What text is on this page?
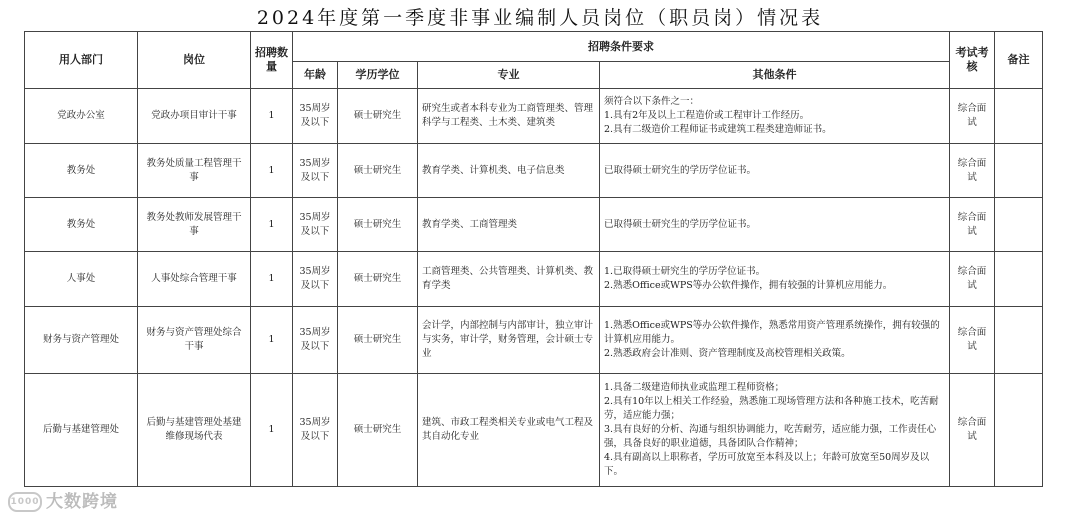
2024年度第一季度非事业编制人员岗位（职员岗）情况表
用人部门	岗位	招聘数量	招聘条件要求				考试考核	备注
			年龄	学历学位	专业	其他条件		
党政办公室	党政办项目审计干事	1	35周岁及以下	硕士研究生	研究生或者本科专业为工商管理类、管理科学与工程类、土木类、建筑类	须符合以下条件之一：
1.具有2年及以上工程造价或工程审计工作经历。
2.具有二级造价工程师证书或建筑工程类建造师证书。	综合面试	
教务处	教务处质量工程管理干事	1	35周岁及以下	硕士研究生	教育学类、计算机类、电子信息类	已取得硕士研究生的学历学位证书。	综合面试	
教务处	教务处教师发展管理干事	1	35周岁及以下	硕士研究生	教育学类、工商管理类	已取得硕士研究生的学历学位证书。	综合面试	
人事处	人事处综合管理干事	1	35周岁及以下	硕士研究生	工商管理类、公共管理类、计算机类、教育学类	1.已取得硕士研究生的学历学位证书。
2.熟悉Office或WPS等办公软件操作，拥有较强的计算机应用能力。	综合面试	
财务与资产管理处	财务与资产管理处综合干事	1	35周岁及以下	硕士研究生	会计学，内部控制与内部审计，独立审计与实务，审计学，财务管理，会计硕士专业	1.熟悉Office或WPS等办公软件操作，熟悉常用资产管理系统操作，拥有较强的计算机应用能力。
2.熟悉政府会计准则、资产管理制度及高校管理相关政策。	综合面试	
后勤与基建管理处	后勤与基建管理处基建维修现场代表	1	35周岁及以下	硕士研究生	建筑、市政工程类相关专业或电气工程及其自动化专业	1.具备二级建造师执业或监理工程师资格；
2.具有10年以上相关工作经验，熟悉施工现场管理方法和各种施工技术，吃苦耐劳，适应能力强；
3.具有良好的分析、沟通与组织协调能力，吃苦耐劳，适应能力强，工作责任心强，具备良好的职业道德，具备团队合作精神；
4.具有副高以上职称者，学历可放宽至本科及以上；年龄可放宽至50周岁及以下。	综合面试	
1000 大数跨境
